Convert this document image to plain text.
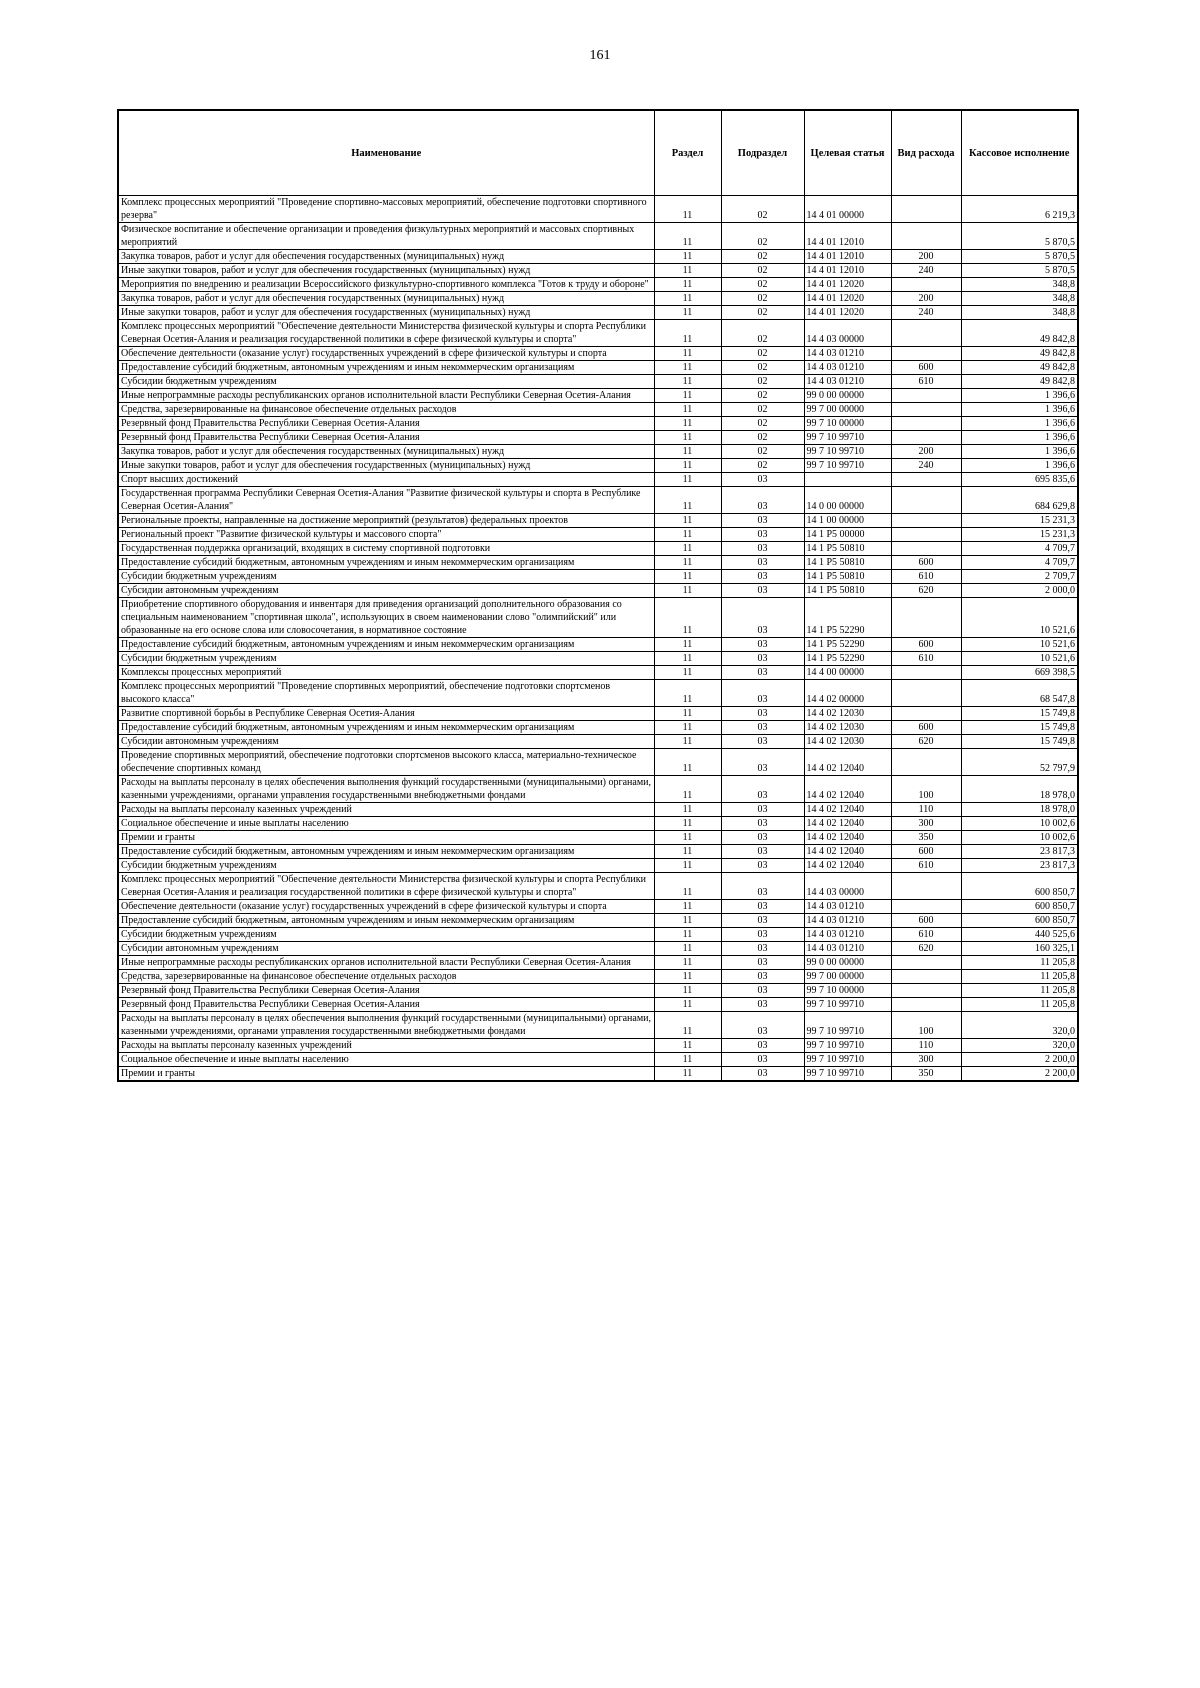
161
Наименование	Раздел	Подраздел	Целевая статья	Вид расхода	Кассовое исполнение
Комплекс процессных мероприятий "Проведение спортивно-массовых мероприятий, обеспечение подготовки спортивного резерва"	11	02	14 4 01 00000		6 219,3
Физическое воспитание и обеспечение организации и проведения физкультурных мероприятий и массовых спортивных мероприятий	11	02	14 4 01 12010		5 870,5
Закупка товаров, работ и услуг для обеспечения государственных (муниципальных) нужд	11	02	14 4 01 12010	200	5 870,5
Иные закупки товаров, работ и услуг для обеспечения государственных (муниципальных) нужд	11	02	14 4 01 12010	240	5 870,5
Мероприятия по внедрению и реализации Всероссийского физкультурно-спортивного комплекса "Готов к труду и обороне"	11	02	14 4 01 12020		348,8
Закупка товаров, работ и услуг для обеспечения государственных (муниципальных) нужд	11	02	14 4 01 12020	200	348,8
Иные закупки товаров, работ и услуг для обеспечения государственных (муниципальных) нужд	11	02	14 4 01 12020	240	348,8
Комплекс процессных мероприятий "Обеспечение деятельности Министерства физической культуры и спорта Республики Северная Осетия-Алания и реализация государственной политики в сфере физической культуры и спорта"	11	02	14 4 03 00000		49 842,8
Обеспечение деятельности (оказание услуг) государственных учреждений в сфере физической культуры и спорта	11	02	14 4 03 01210		49 842,8
Предоставление субсидий бюджетным, автономным учреждениям и иным некоммерческим организациям	11	02	14 4 03 01210	600	49 842,8
Субсидии бюджетным учреждениям	11	02	14 4 03 01210	610	49 842,8
Иные непрограммные расходы республиканских органов исполнительной власти Республики Северная Осетия-Алания	11	02	99 0 00 00000		1 396,6
Средства, зарезервированные на финансовое обеспечение отдельных расходов	11	02	99 7 00 00000		1 396,6
Резервный фонд Правительства Республики Северная Осетия-Алания	11	02	99 7 10 00000		1 396,6
Резервный фонд Правительства Республики Северная Осетия-Алания	11	02	99 7 10 99710		1 396,6
Закупка товаров, работ и услуг для обеспечения государственных (муниципальных) нужд	11	02	99 7 10 99710	200	1 396,6
Иные закупки товаров, работ и услуг для обеспечения государственных (муниципальных) нужд	11	02	99 7 10 99710	240	1 396,6
Спорт высших достижений	11	03			695 835,6
Государственная программа Республики Северная Осетия-Алания "Развитие физической культуры и спорта в Республике Северная Осетия-Алания"	11	03	14 0 00 00000		684 629,8
Региональные проекты, направленные на достижение мероприятий (результатов) федеральных проектов	11	03	14 1 00 00000		15 231,3
Региональный проект "Развитие физической культуры и массового спорта"	11	03	14 1 P5 00000		15 231,3
Государственная поддержка организаций, входящих в систему спортивной подготовки	11	03	14 1 P5 50810		4 709,7
Предоставление субсидий бюджетным, автономным учреждениям и иным некоммерческим организациям	11	03	14 1 P5 50810	600	4 709,7
Субсидии бюджетным учреждениям	11	03	14 1 P5 50810	610	2 709,7
Субсидии автономным учреждениям	11	03	14 1 P5 50810	620	2 000,0
Приобретение спортивного оборудования и инвентаря для приведения организаций дополнительного образования со специальным наименованием "спортивная школа", использующих в своем наименовании слово "олимпийский" или образованные на его основе слова или словосочетания, в нормативное состояние	11	03	14 1 P5 52290		10 521,6
Предоставление субсидий бюджетным, автономным учреждениям и иным некоммерческим организациям	11	03	14 1 P5 52290	600	10 521,6
Субсидии бюджетным учреждениям	11	03	14 1 P5 52290	610	10 521,6
Комплексы процессных мероприятий	11	03	14 4 00 00000		669 398,5
Комплекс процессных мероприятий "Проведение спортивных мероприятий, обеспечение подготовки спортсменов высокого класса"	11	03	14 4 02 00000		68 547,8
Развитие спортивной борьбы в Республике Северная Осетия-Алания	11	03	14 4 02 12030		15 749,8
Предоставление субсидий бюджетным, автономным учреждениям и иным некоммерческим организациям	11	03	14 4 02 12030	600	15 749,8
Субсидии автономным учреждениям	11	03	14 4 02 12030	620	15 749,8
Проведение спортивных мероприятий, обеспечение подготовки спортсменов высокого класса, материально-техническое обеспечение спортивных команд	11	03	14 4 02 12040		52 797,9
Расходы на выплаты персоналу в целях обеспечения выполнения функций государственными (муниципальными) органами, казенными учреждениями, органами управления государственными внебюджетными фондами	11	03	14 4 02 12040	100	18 978,0
Расходы на выплаты персоналу казенных учреждений	11	03	14 4 02 12040	110	18 978,0
Социальное обеспечение и иные выплаты населению	11	03	14 4 02 12040	300	10 002,6
Премии и гранты	11	03	14 4 02 12040	350	10 002,6
Предоставление субсидий бюджетным, автономным учреждениям и иным некоммерческим организациям	11	03	14 4 02 12040	600	23 817,3
Субсидии бюджетным учреждениям	11	03	14 4 02 12040	610	23 817,3
Комплекс процессных мероприятий "Обеспечение деятельности Министерства физической культуры и спорта Республики Северная Осетия-Алания и реализация государственной политики в сфере физической культуры и спорта"	11	03	14 4 03 00000		600 850,7
Обеспечение деятельности (оказание услуг) государственных учреждений в сфере физической культуры и спорта	11	03	14 4 03 01210		600 850,7
Предоставление субсидий бюджетным, автономным учреждениям и иным некоммерческим организациям	11	03	14 4 03 01210	600	600 850,7
Субсидии бюджетным учреждениям	11	03	14 4 03 01210	610	440 525,6
Субсидии автономным учреждениям	11	03	14 4 03 01210	620	160 325,1
Иные непрограммные расходы республиканских органов исполнительной власти Республики Северная Осетия-Алания	11	03	99 0 00 00000		11 205,8
Средства, зарезервированные на финансовое обеспечение отдельных расходов	11	03	99 7 00 00000		11 205,8
Резервный фонд Правительства Республики Северная Осетия-Алания	11	03	99 7 10 00000		11 205,8
Резервный фонд Правительства Республики Северная Осетия-Алания	11	03	99 7 10 99710		11 205,8
Расходы на выплаты персоналу в целях обеспечения выполнения функций государственными (муниципальными) органами, казенными учреждениями, органами управления государственными внебюджетными фондами	11	03	99 7 10 99710	100	320,0
Расходы на выплаты персоналу казенных учреждений	11	03	99 7 10 99710	110	320,0
Социальное обеспечение и иные выплаты населению	11	03	99 7 10 99710	300	2 200,0
Премии и гранты	11	03	99 7 10 99710	350	2 200,0
